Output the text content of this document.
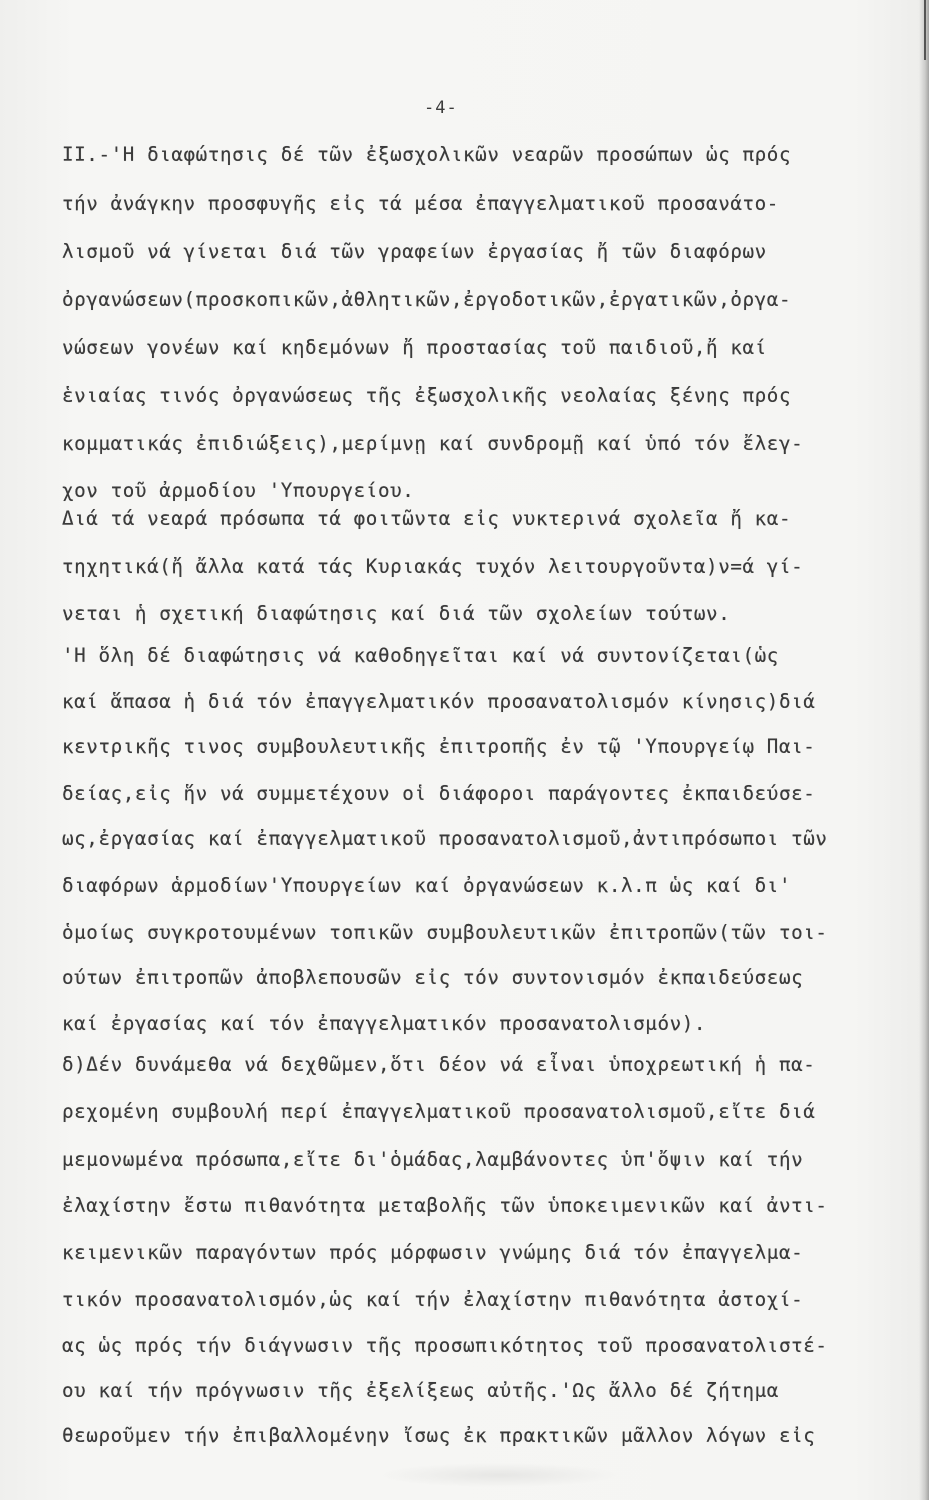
-4-
ΙΙ.-'Η διαφώτησις δέ τῶν ἐξωσχολικῶν νεαρῶν προσώπων ὡς πρός
τήν ἀνάγκην προσφυγῆς εἰς τά μέσα ἐπαγγελματικοῦ προσανάτο-
λισμοῦ νά γίνεται διά τῶν γραφείων ἐργασίας ἤ τῶν διαφόρων
ὀργανώσεων(προσκοπικῶν,ἀθλητικῶν,ἐργοδοτικῶν,ἐργατικῶν,ὀργα-
νώσεων γονέων καί κηδεμόνων ἤ προστασίας τοῦ παιδιοῦ,ἤ καί
ἑνιαίας τινός ὀργανώσεως τῆς ἐξωσχολικῆς νεολαίας ξένης πρός
κομματικάς ἐπιδιώξεις),μερίμνῃ καί συνδρομῇ καί ὑπό τόν ἔλεγ-
χον τοῦ ἀρμοδίου 'Υπουργείου.
Διά τά νεαρά πρόσωπα τά φοιτῶντα εἰς νυκτερινά σχολεῖα ἤ κα-
τηχητικά(ἤ ἄλλα κατά τάς Κυριακάς τυχόν λειτουργοῦντα)ν=ά γί-
νεται ἡ σχετική διαφώτησις καί διά τῶν σχολείων τούτων.
'Η ὅλη δέ διαφώτησις νά καθοδηγεῖται καί νά συντονίζεται(ὡς
καί ἅπασα ἡ διά τόν ἐπαγγελματικόν προσανατολισμόν κίνησις)διά
κεντρικῆς τινος συμβουλευτικῆς ἐπιτροπῆς ἐν τῷ 'Υπουργείῳ Παι-
δείας,εἰς ἥν νά συμμετέχουν οἱ διάφοροι παράγοντες ἐκπαιδεύσε-
ως,ἐργασίας καί ἐπαγγελματικοῦ προσανατολισμοῦ,ἀντιπρόσωποι τῶν
διαφόρων ἁρμοδίων'Υπουργείων καί ὀργανώσεων κ.λ.π ὡς καί δι'
ὁμοίως συγκροτουμένων τοπικῶν συμβουλευτικῶν ἐπιτροπῶν(τῶν τοι-
ούτων ἐπιτροπῶν ἀποβλεπουσῶν εἰς τόν συντονισμόν ἐκπαιδεύσεως
καί ἐργασίας καί τόν ἐπαγγελματικόν προσανατολισμόν).
δ)Δέν δυνάμεθα νά δεχθῶμεν,ὅτι δέον νά εἶναι ὑποχρεωτική ἡ πα-
ρεχομένη συμβουλή περί ἐπαγγελματικοῦ προσανατολισμοῦ,εἴτε διά
μεμονωμένα πρόσωπα,εἴτε δι'ὁμάδας,λαμβάνοντες ὑπ'ὄψιν καί τήν
ἐλαχίστην ἔστω πιθανότητα μεταβολῆς τῶν ὑποκειμενικῶν καί ἀντι-
κειμενικῶν παραγόντων πρός μόρφωσιν γνώμης διά τόν ἐπαγγελμα-
τικόν προσανατολισμόν,ὡς καί τήν ἐλαχίστην πιθανότητα ἀστοχί-
ας ὡς πρός τήν διάγνωσιν τῆς προσωπικότητος τοῦ προσανατολιστέ-
ου καί τήν πρόγνωσιν τῆς ἐξελίξεως αὐτῆς.'Ως ἄλλο δέ ζήτημα
θεωροῦμεν τήν ἐπιβαλλομένην ἴσως ἐκ πρακτικῶν μᾶλλον λόγων εἰς
